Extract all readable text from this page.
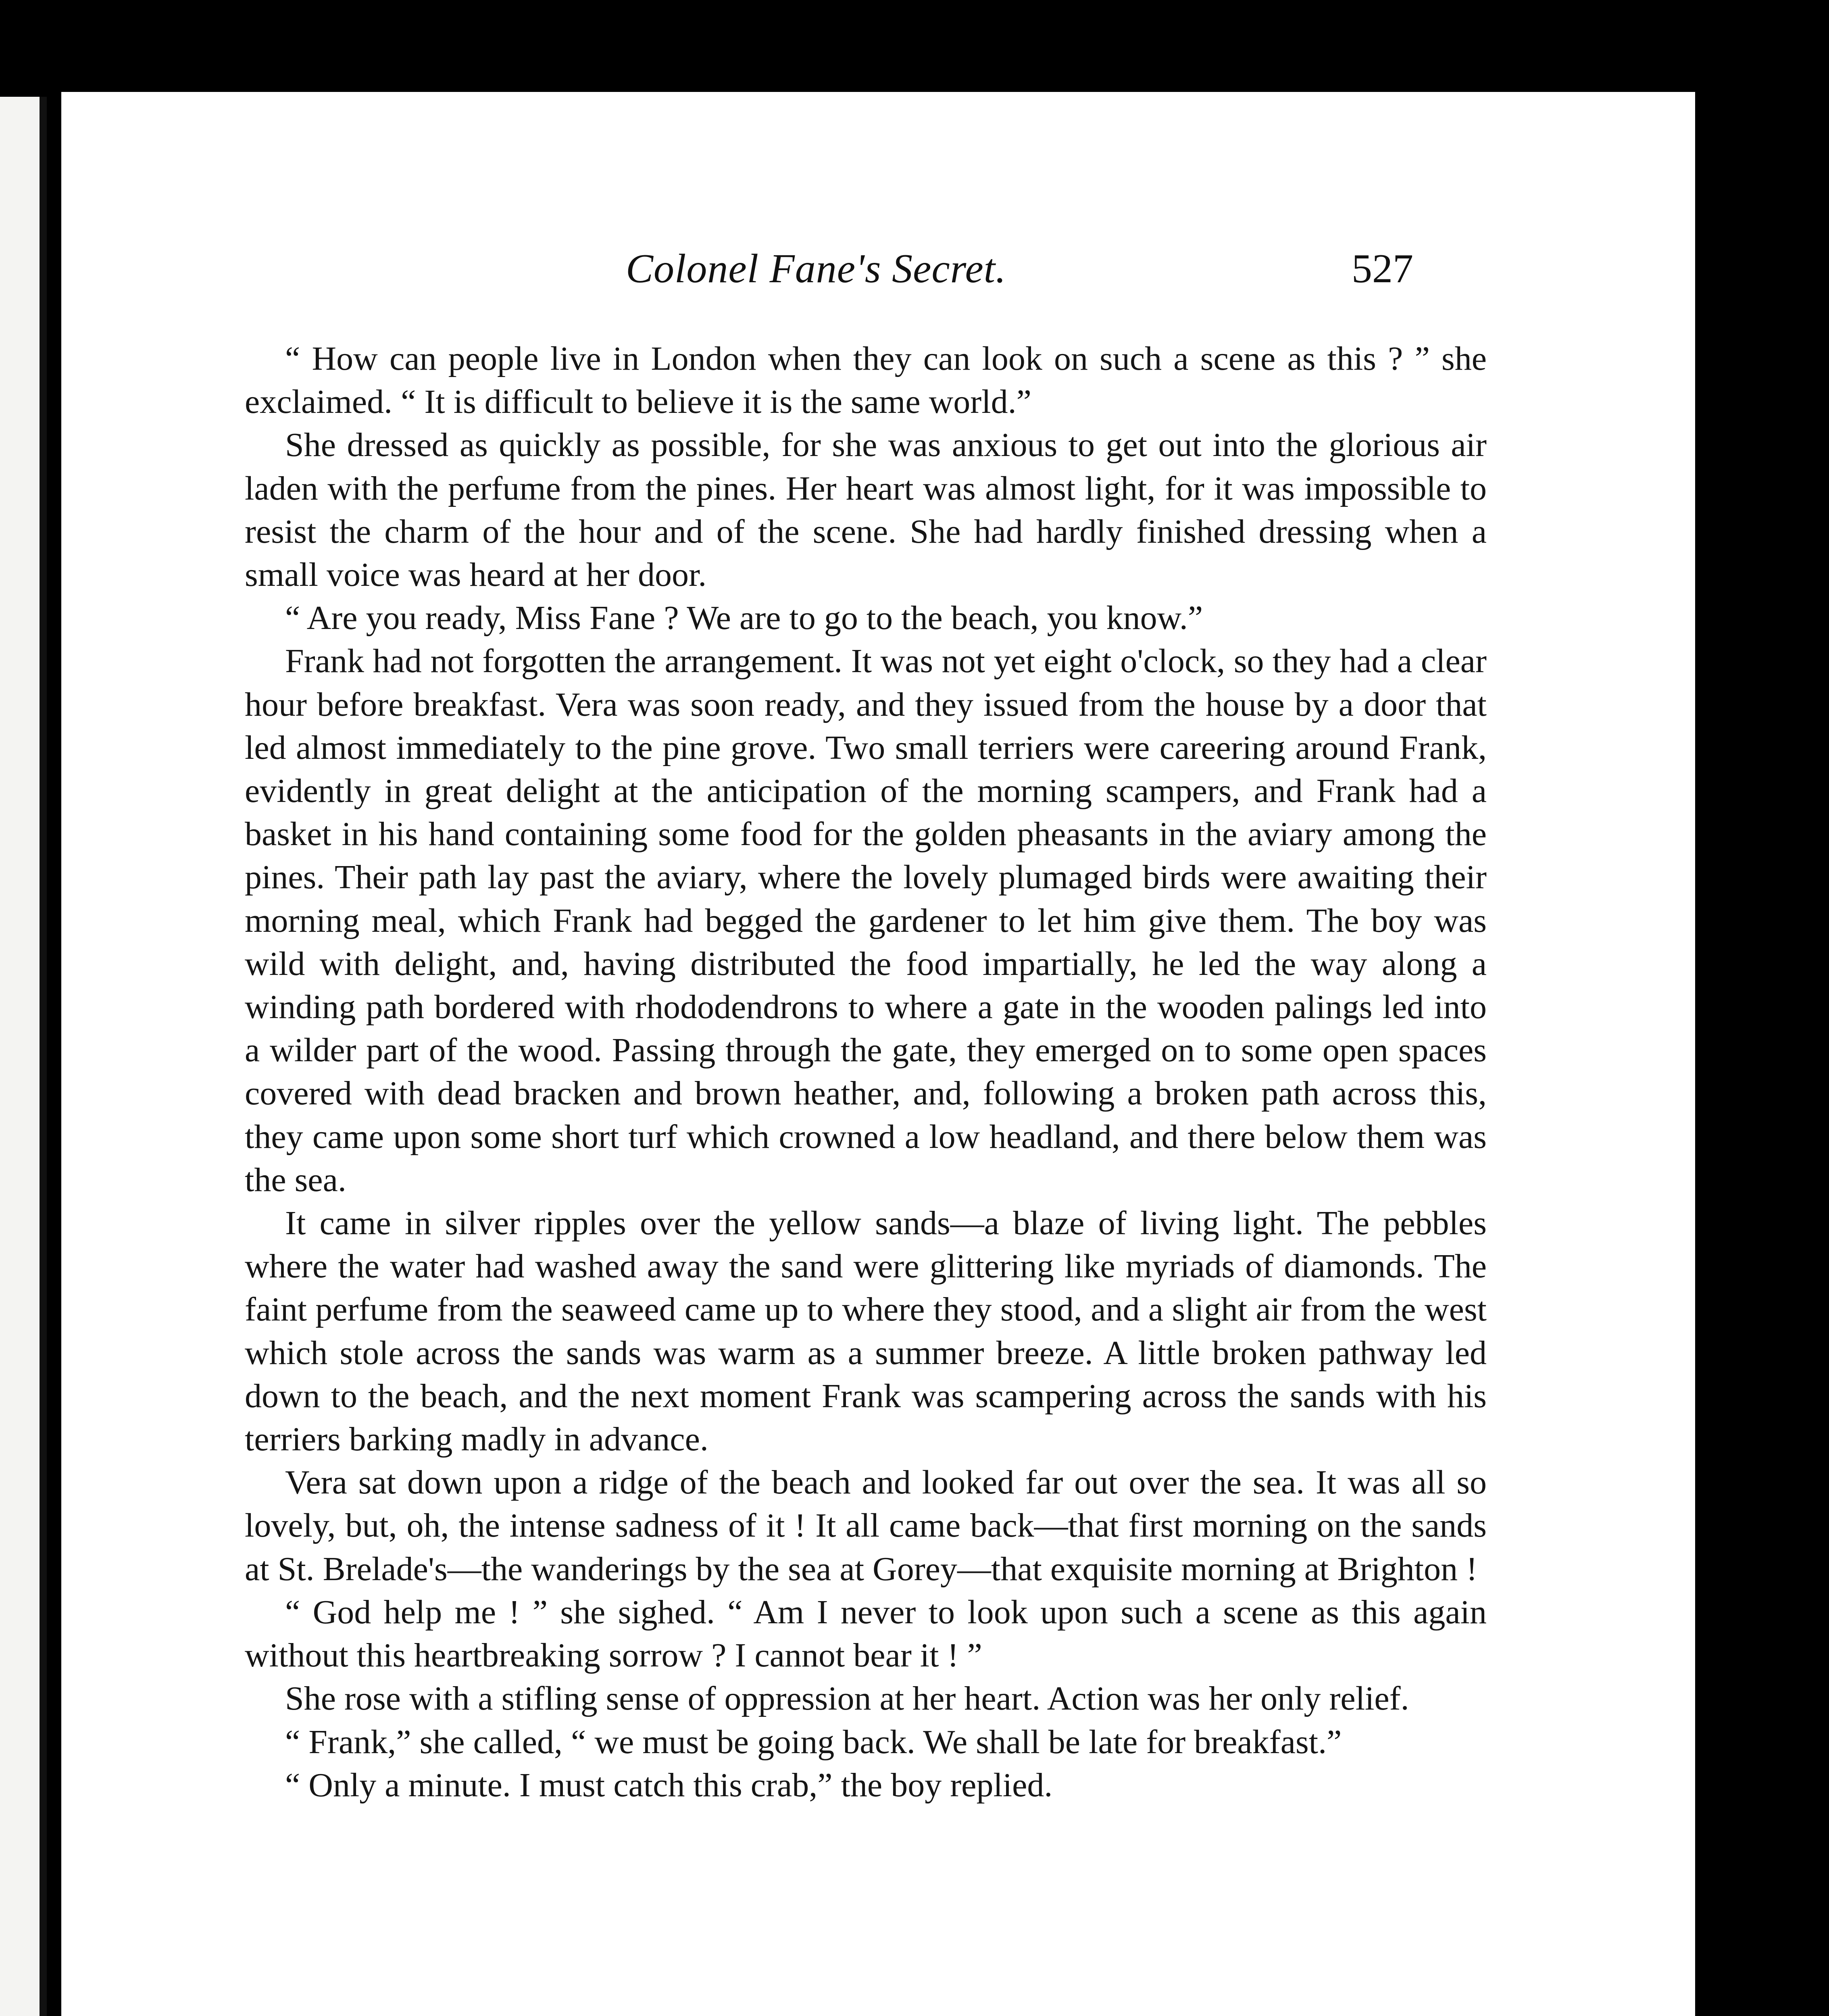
Colonel Fane's Secret.	527

“ How can people live in London when they can look on such a scene as this ? ” she exclaimed. “ It is difficult to believe it is the same world.”

She dressed as quickly as possible, for she was anxious to get out into the glorious air laden with the perfume from the pines. Her heart was almost light, for it was impossible to resist the charm of the hour and of the scene. She had hardly finished dressing when a small voice was heard at her door.

“ Are you ready, Miss Fane ? We are to go to the beach, you know.”

Frank had not forgotten the arrangement. It was not yet eight o'clock, so they had a clear hour before breakfast. Vera was soon ready, and they issued from the house by a door that led almost immediately to the pine grove. Two small terriers were careering around Frank, evidently in great delight at the anticipation of the morning scampers, and Frank had a basket in his hand containing some food for the golden pheasants in the aviary among the pines. Their path lay past the aviary, where the lovely plumaged birds were awaiting their morning meal, which Frank had begged the gardener to let him give them. The boy was wild with delight, and, having distributed the food impartially, he led the way along a winding path bordered with rhododendrons to where a gate in the wooden palings led into a wilder part of the wood. Passing through the gate, they emerged on to some open spaces covered with dead bracken and brown heather, and, following a broken path across this, they came upon some short turf which crowned a low headland, and there below them was the sea.

It came in silver ripples over the yellow sands—a blaze of living light. The pebbles where the water had washed away the sand were glittering like myriads of diamonds. The faint perfume from the seaweed came up to where they stood, and a slight air from the west which stole across the sands was warm as a summer breeze. A little broken pathway led down to the beach, and the next moment Frank was scampering across the sands with his terriers barking madly in advance.

Vera sat down upon a ridge of the beach and looked far out over the sea. It was all so lovely, but, oh, the intense sadness of it ! It all came back—that first morning on the sands at St. Brelade's—the wanderings by the sea at Gorey—that exquisite morning at Brighton !

“ God help me ! ” she sighed. “ Am I never to look upon such a scene as this again without this heartbreaking sorrow ? I cannot bear it ! ”

She rose with a stifling sense of oppression at her heart. Action was her only relief.

“ Frank,” she called, “ we must be going back. We shall be late for breakfast.”

“ Only a minute. I must catch this crab,” the boy replied.
